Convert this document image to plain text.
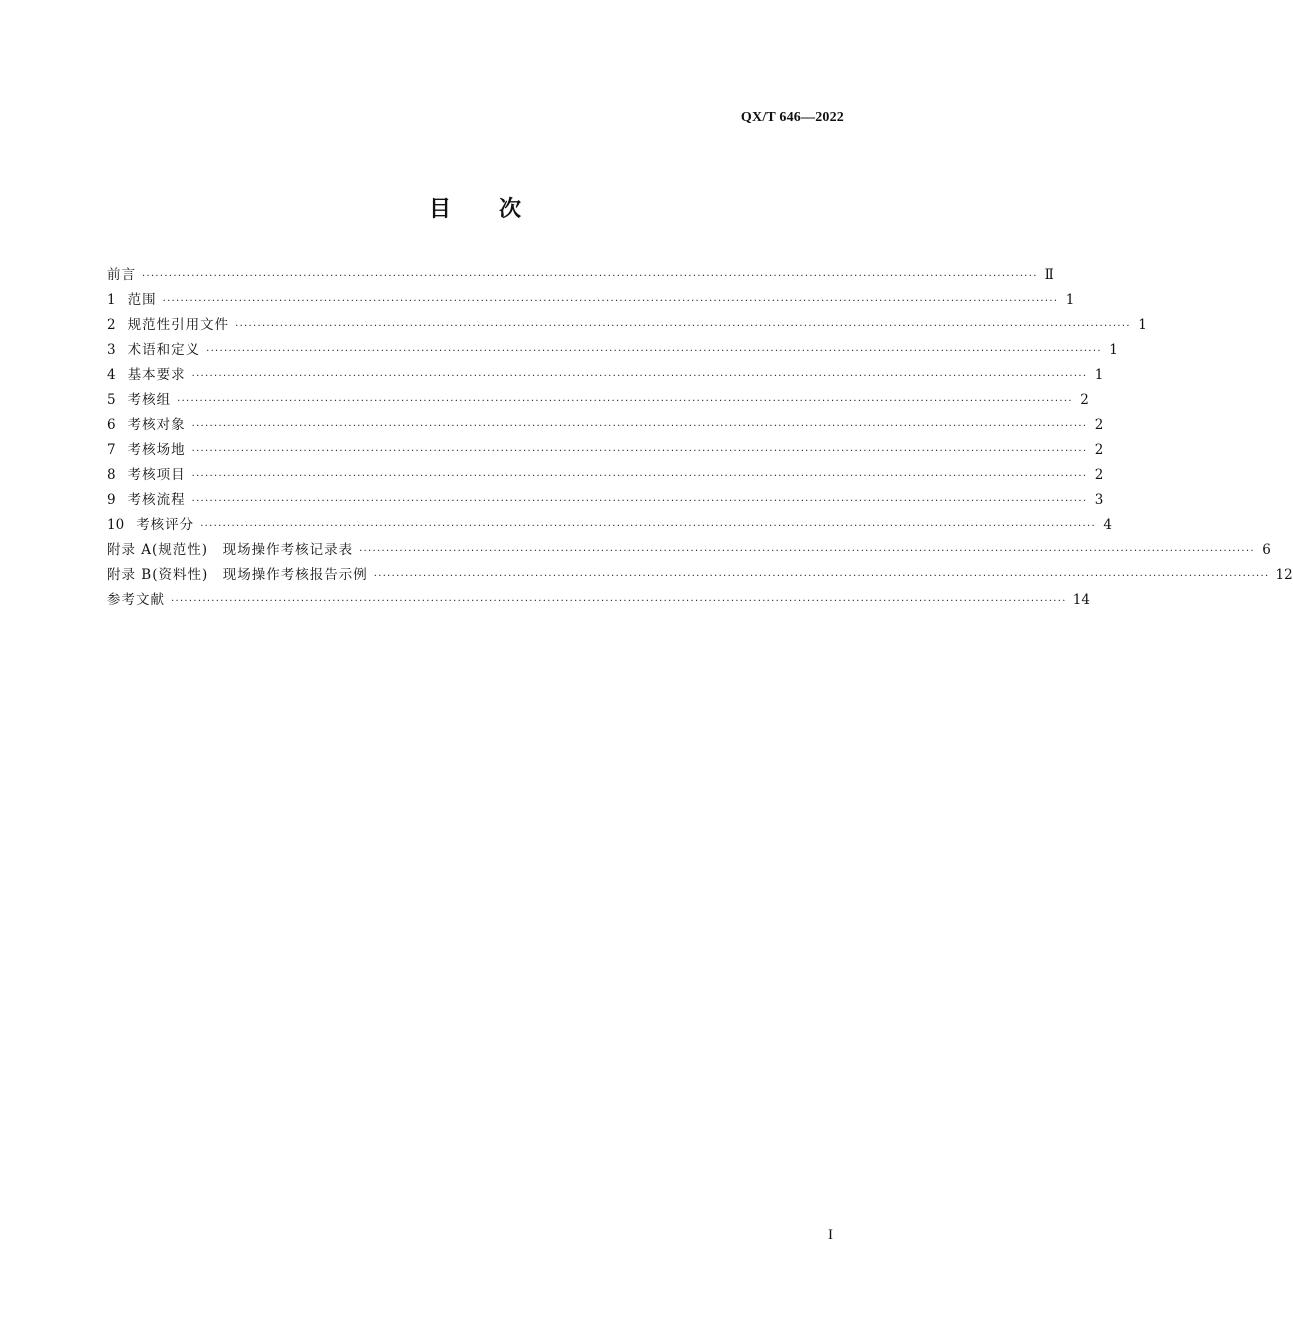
QX/T 646—2022
目 次
前言 ········································································································································································································ Ⅱ
1 范围 ········································································································································································································ 1
2 规范性引用文件 ········································································································································································································ 1
3 术语和定义 ········································································································································································································ 1
4 基本要求 ········································································································································································································ 1
5 考核组 ········································································································································································································ 2
6 考核对象 ········································································································································································································ 2
7 考核场地 ········································································································································································································ 2
8 考核项目 ········································································································································································································ 2
9 考核流程 ········································································································································································································ 3
10 考核评分 ········································································································································································································ 4
附录 A(规范性)　现场操作考核记录表 ········································································································································································································ 6
附录 B(资料性)　现场操作考核报告示例 ········································································································································································································ 12
参考文献 ········································································································································································································ 14
I
